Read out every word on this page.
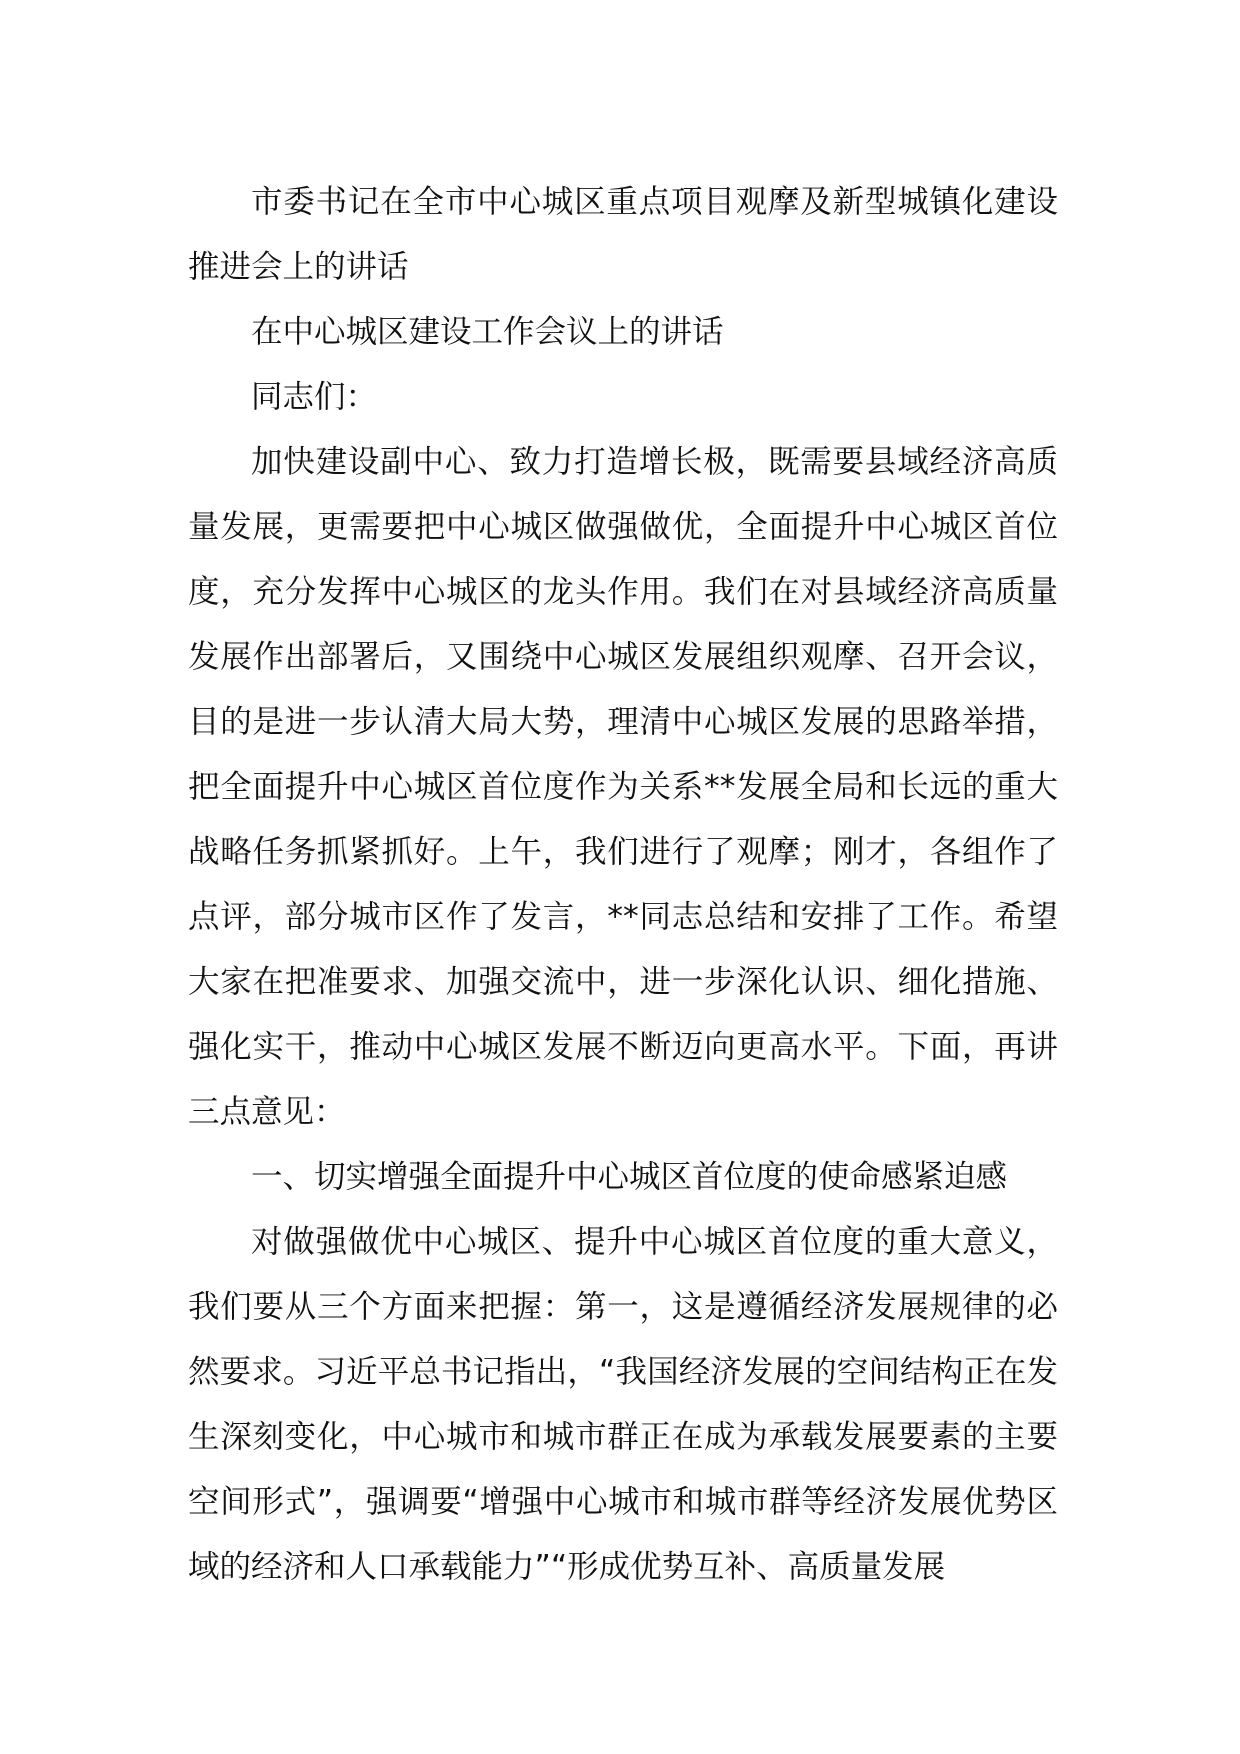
市委书记在全市中心城区重点项目观摩及新型城镇化建设推进会上的讲话

在中心城区建设工作会议上的讲话

同志们：

加快建设副中心、致力打造增长极，既需要县域经济高质量发展，更需要把中心城区做强做优，全面提升中心城区首位度，充分发挥中心城区的龙头作用。我们在对县域经济高质量发展作出部署后，又围绕中心城区发展组织观摩、召开会议，目的是进一步认清大局大势，理清中心城区发展的思路举措，把全面提升中心城区首位度作为关系**发展全局和长远的重大战略任务抓紧抓好。上午，我们进行了观摩；刚才，各组作了点评，部分城市区作了发言，**同志总结和安排了工作。希望大家在把准要求、加强交流中，进一步深化认识、细化措施、强化实干，推动中心城区发展不断迈向更高水平。下面，再讲三点意见：

一、切实增强全面提升中心城区首位度的使命感紧迫感

对做强做优中心城区、提升中心城区首位度的重大意义，我们要从三个方面来把握：第一，这是遵循经济发展规律的必然要求。习近平总书记指出，“我国经济发展的空间结构正在发生深刻变化，中心城市和城市群正在成为承载发展要素的主要空间形式”，强调要“增强中心城市和城市群等经济发展优势区域的经济和人口承载能力”“形成优势互补、高质量发展
